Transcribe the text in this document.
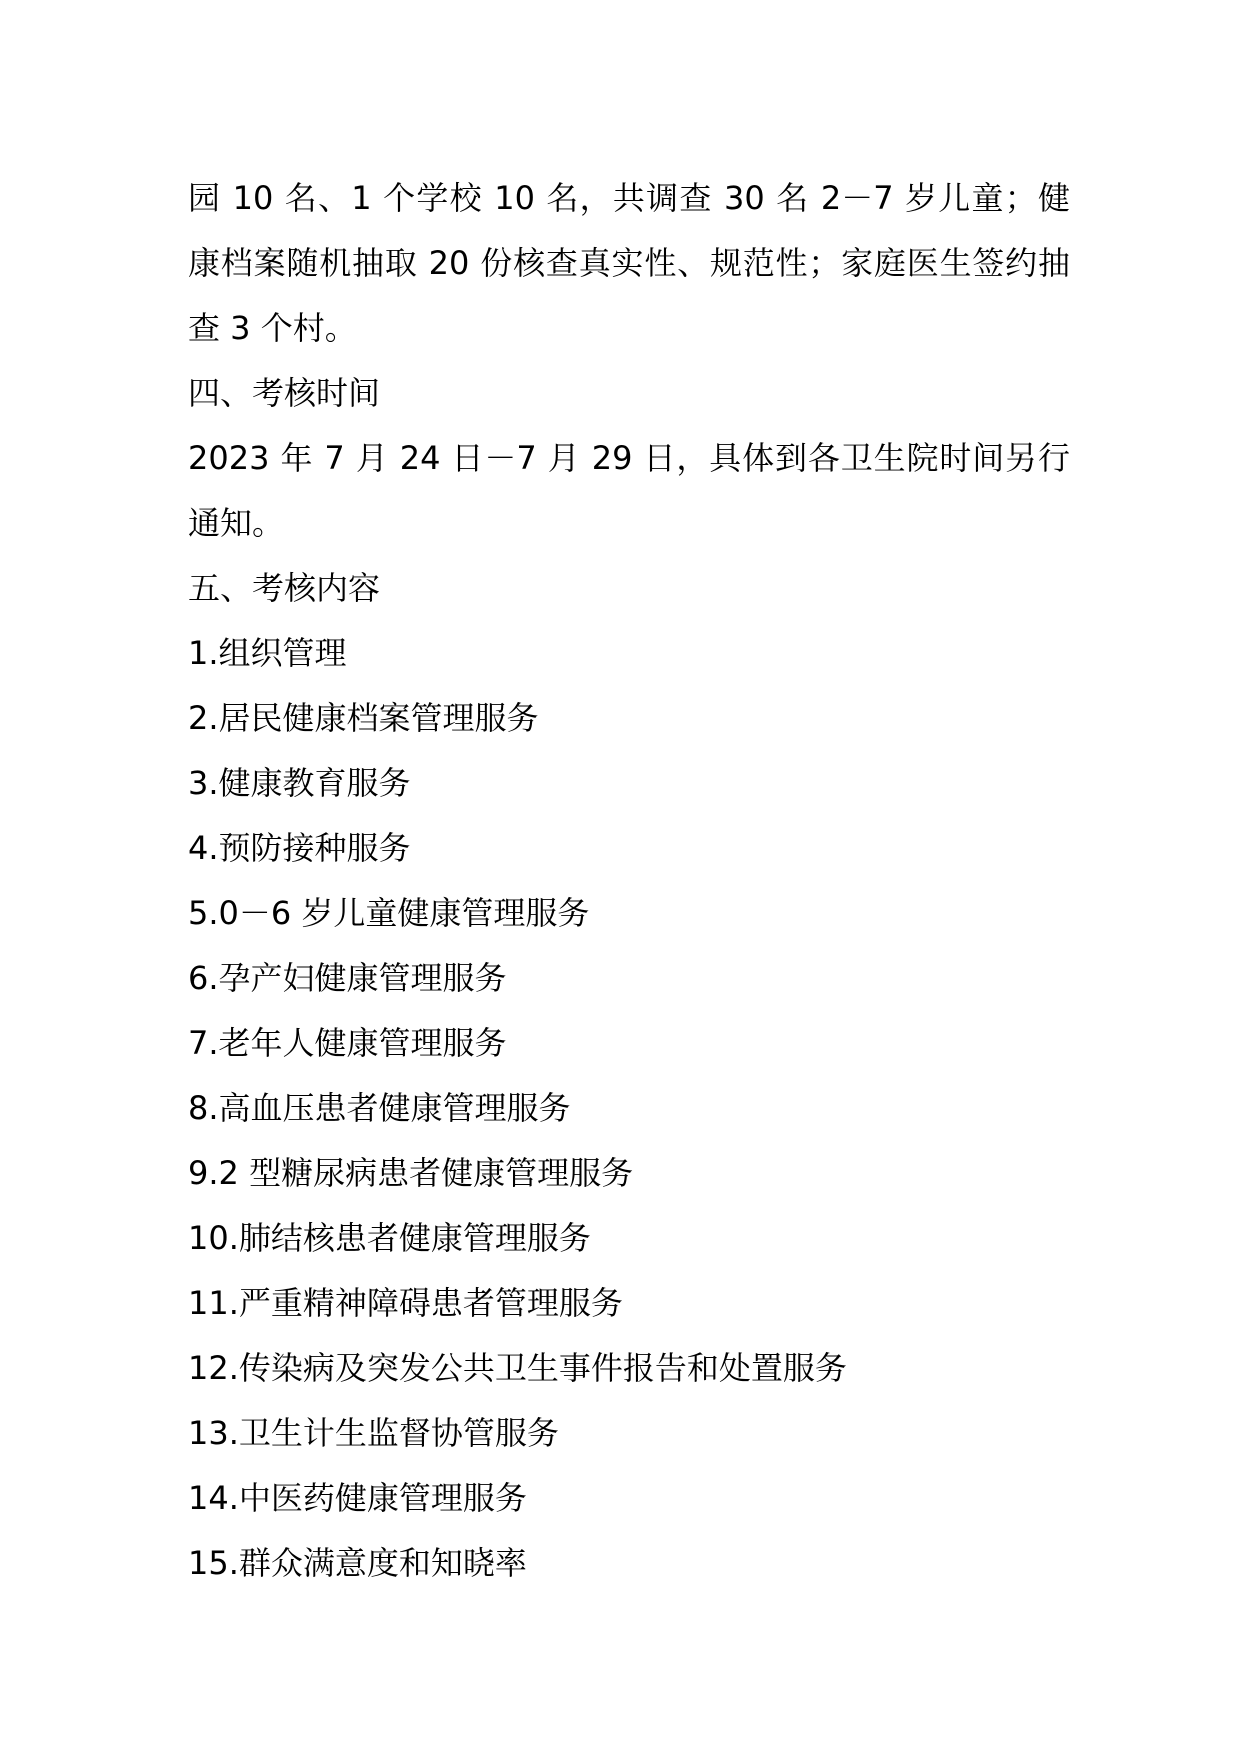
园 10 名、1 个学校 10 名，共调查 30 名 2－7 岁儿童；健康档案随机抽取 20 份核查真实性、规范性；家庭医生签约抽查 3 个村。

四、考核时间

2023 年 7 月 24 日－7 月 29 日，具体到各卫生院时间另行通知。

五、考核内容

1.组织管理
2.居民健康档案管理服务
3.健康教育服务
4.预防接种服务
5.0－6 岁儿童健康管理服务
6.孕产妇健康管理服务
7.老年人健康管理服务
8.高血压患者健康管理服务
9.2 型糖尿病患者健康管理服务
10.肺结核患者健康管理服务
11.严重精神障碍患者管理服务
12.传染病及突发公共卫生事件报告和处置服务
13.卫生计生监督协管服务
14.中医药健康管理服务
15.群众满意度和知晓率
